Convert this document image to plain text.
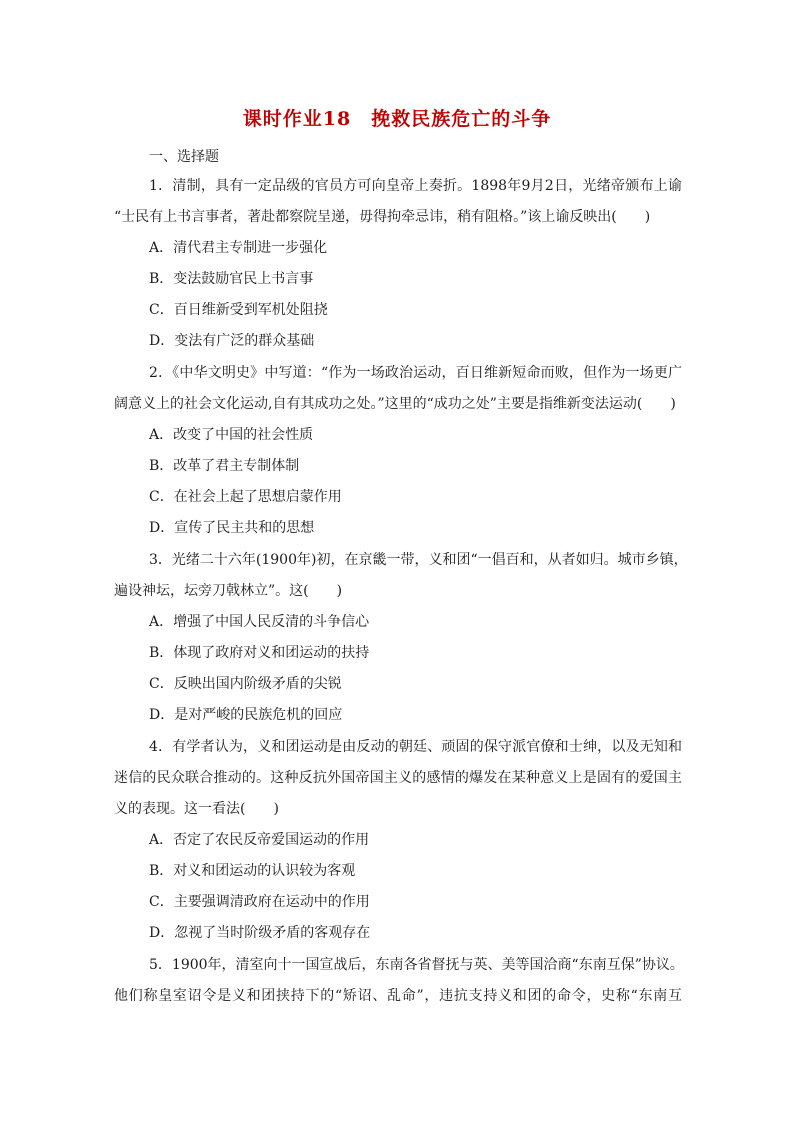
课时作业18　挽救民族危亡的斗争
一、选择题
1．清制，具有一定品级的官员方可向皇帝上奏折。1898年9月2日，光绪帝颁布上谕
“士民有上书言事者，著赴都察院呈递，毋得拘牵忌讳，稍有阻格。”该上谕反映出(　　)
A．清代君主专制进一步强化
B．变法鼓励官民上书言事
C．百日维新受到军机处阻挠
D．变法有广泛的群众基础
2．《中华文明史》中写道：“作为一场政治运动，百日维新短命而败，但作为一场更广
阔意义上的社会文化运动,自有其成功之处。”这里的“成功之处”主要是指维新变法运动(　　)
A．改变了中国的社会性质
B．改革了君主专制体制
C．在社会上起了思想启蒙作用
D．宣传了民主共和的思想
3．光绪二十六年(1900年)初，在京畿一带，义和团“一倡百和，从者如归。城市乡镇，
遍设神坛，坛旁刀戟林立”。这(　　)
A．增强了中国人民反清的斗争信心
B．体现了政府对义和团运动的扶持
C．反映出国内阶级矛盾的尖锐
D．是对严峻的民族危机的回应
4．有学者认为，义和团运动是由反动的朝廷、顽固的保守派官僚和士绅，以及无知和
迷信的民众联合推动的。这种反抗外国帝国主义的感情的爆发在某种意义上是固有的爱国主
义的表现。这一看法(　　)
A．否定了农民反帝爱国运动的作用
B．对义和团运动的认识较为客观
C．主要强调清政府在运动中的作用
D．忽视了当时阶级矛盾的客观存在
5．1900年，清室向十一国宣战后，东南各省督抚与英、美等国洽商“东南互保”协议。
他们称皇室诏令是义和团挟持下的“矫诏、乱命”，违抗支持义和团的命令，史称“东南互
